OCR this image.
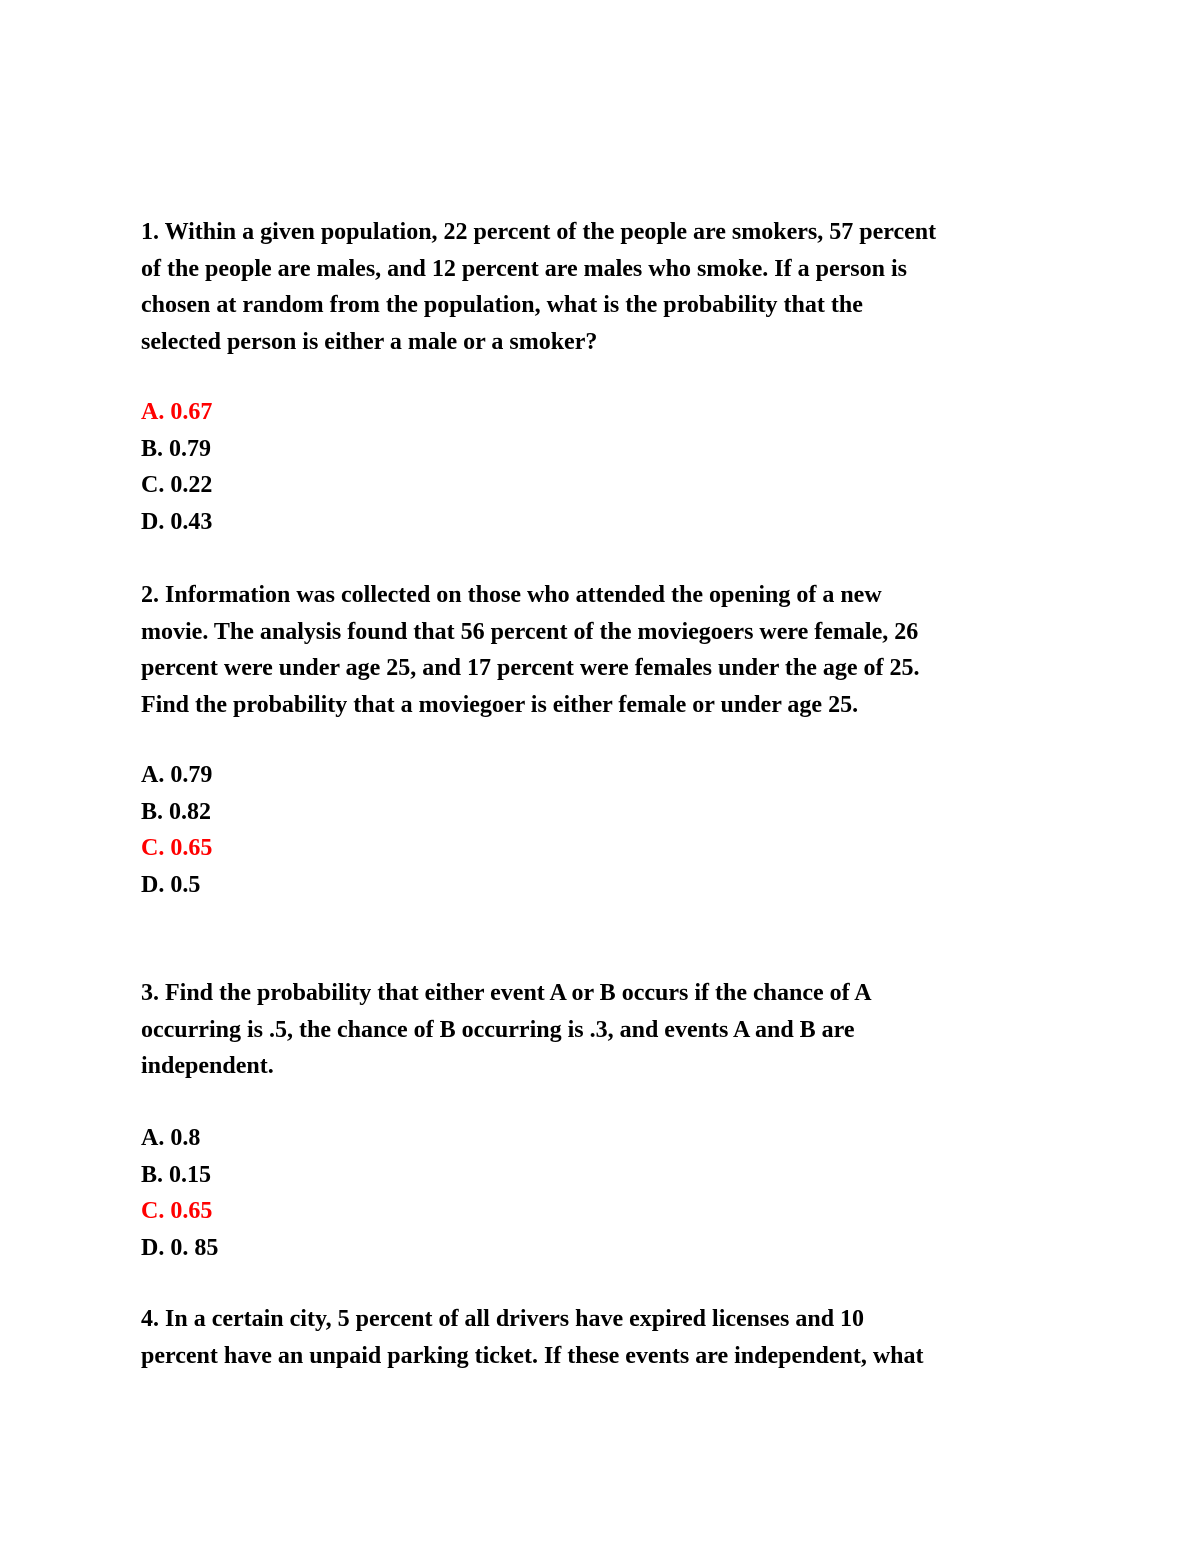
1. Within a given population, 22 percent of the people are smokers, 57 percent

of the people are males, and 12 percent are males who smoke. If a person is

chosen at random from the population, what is the probability that the

selected person is either a male or a smoker?

A. 0.67

B. 0.79

C. 0.22

D. 0.43

2. Information was collected on those who attended the opening of a new

movie. The analysis found that 56 percent of the moviegoers were female, 26

percent were under age 25, and 17 percent were females under the age of 25.

Find the probability that a moviegoer is either female or under age 25.

A. 0.79

B. 0.82

C. 0.65

D. 0.5

3. Find the probability that either event A or B occurs if the chance of A

occurring is .5, the chance of B occurring is .3, and events A and B are

independent.

A. 0.8

B. 0.15

C. 0.65

D. 0. 85

4. In a certain city, 5 percent of all drivers have expired licenses and 10

percent have an unpaid parking ticket. If these events are independent, what
